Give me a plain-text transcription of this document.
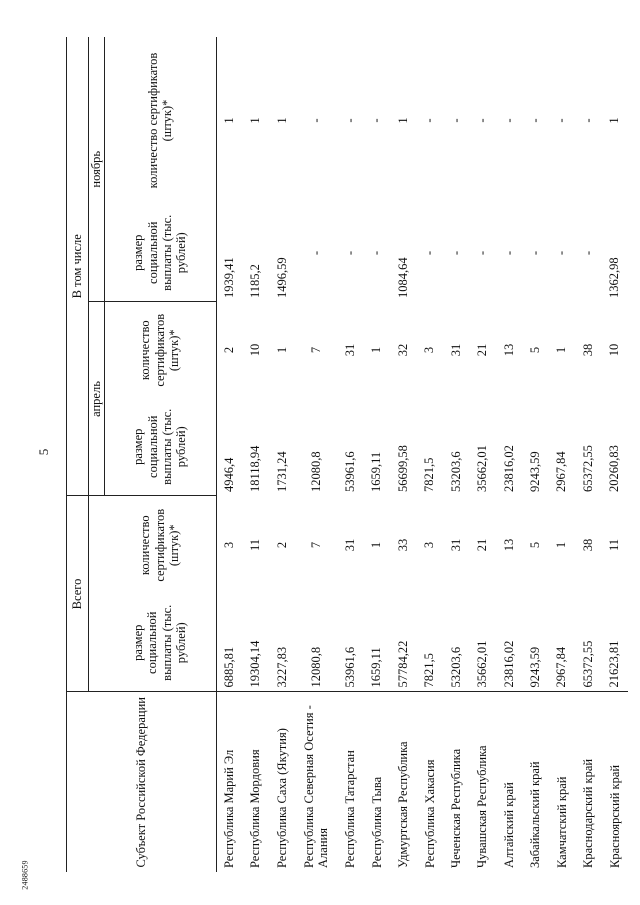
5
2488659

Субъект Российской Федерации	Всего		В том числе			
			апрель		ноябрь	
	размер социальной выплаты (тыс. рублей)	количество сертификатов (штук)*	размер социальной выплаты (тыс. рублей)	количество сертификатов (штук)*	размер социальной выплаты (тыс. рублей)	количество сертификатов (штук)*
Республика Марий Эл	6885,81	3	4946,4	2	1939,41	1
Республика Мордовия	19304,14	11	18118,94	10	1185,2	1
Республика Саха (Якутия)	3227,83	2	1731,24	1	1496,59	1
Республика Северная Осетия - Алания	12080,8	7	12080,8	7	-	-
Республика Татарстан	53961,6	31	53961,6	31	-	-
Республика Тыва	1659,11	1	1659,11	1	-	-
Удмуртская Республика	57784,22	33	56699,58	32	1084,64	1
Республика Хакасия	7821,5	3	7821,5	3	-	-
Чеченская Республика	53203,6	31	53203,6	31	-	-
Чувашская Республика	35662,01	21	35662,01	21	-	-
Алтайский край	23816,02	13	23816,02	13	-	-
Забайкальский край	9243,59	5	9243,59	5	-	-
Камчатский край	2967,84	1	2967,84	1	-	-
Краснодарский край	65372,55	38	65372,55	38	-	-
Красноярский край	21623,81	11	20260,83	10	1362,98	1
